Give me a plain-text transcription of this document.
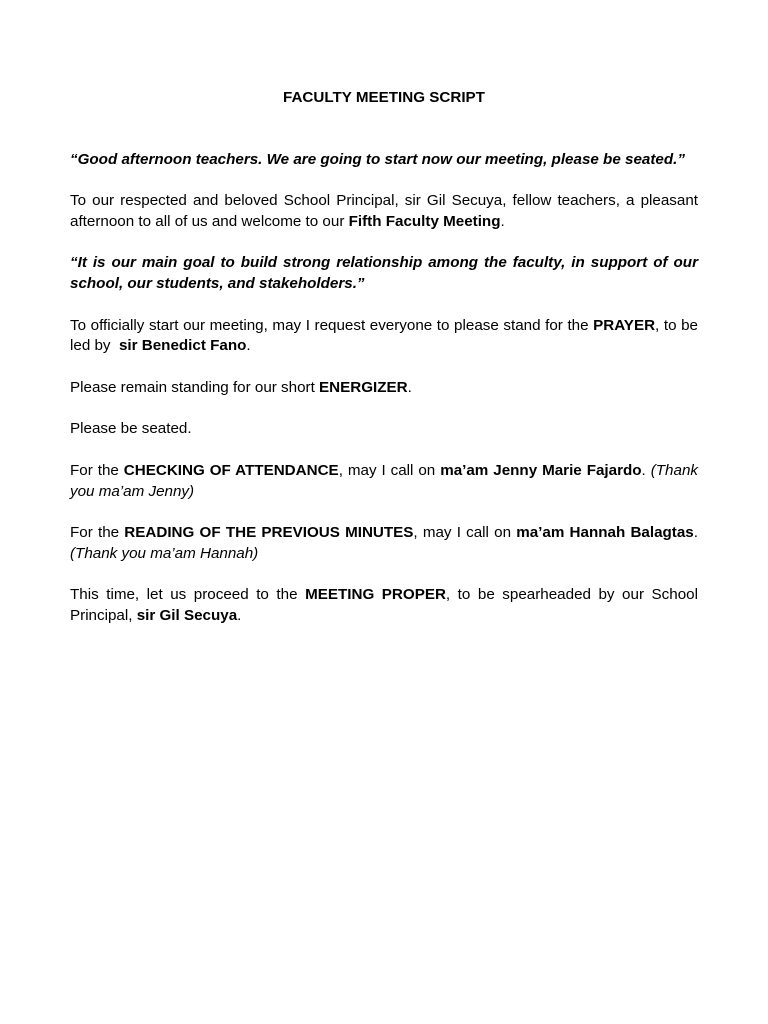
FACULTY MEETING SCRIPT

“Good afternoon teachers. We are going to start now our meeting, please be seated.”

To our respected and beloved School Principal, sir Gil Secuya, fellow teachers, a pleasant afternoon to all of us and welcome to our Fifth Faculty Meeting.

“It is our main goal to build strong relationship among the faculty, in support of our school, our students, and stakeholders.”

To officially start our meeting, may I request everyone to please stand for the PRAYER, to be led by  sir Benedict Fano.

Please remain standing for our short ENERGIZER.

Please be seated.

For the CHECKING OF ATTENDANCE, may I call on ma’am Jenny Marie Fajardo. (Thank you ma’am Jenny)

For the READING OF THE PREVIOUS MINUTES, may I call on ma’am Hannah Balagtas. (Thank you ma’am Hannah)

This time, let us proceed to the MEETING PROPER, to be spearheaded by our School Principal, sir Gil Secuya.
